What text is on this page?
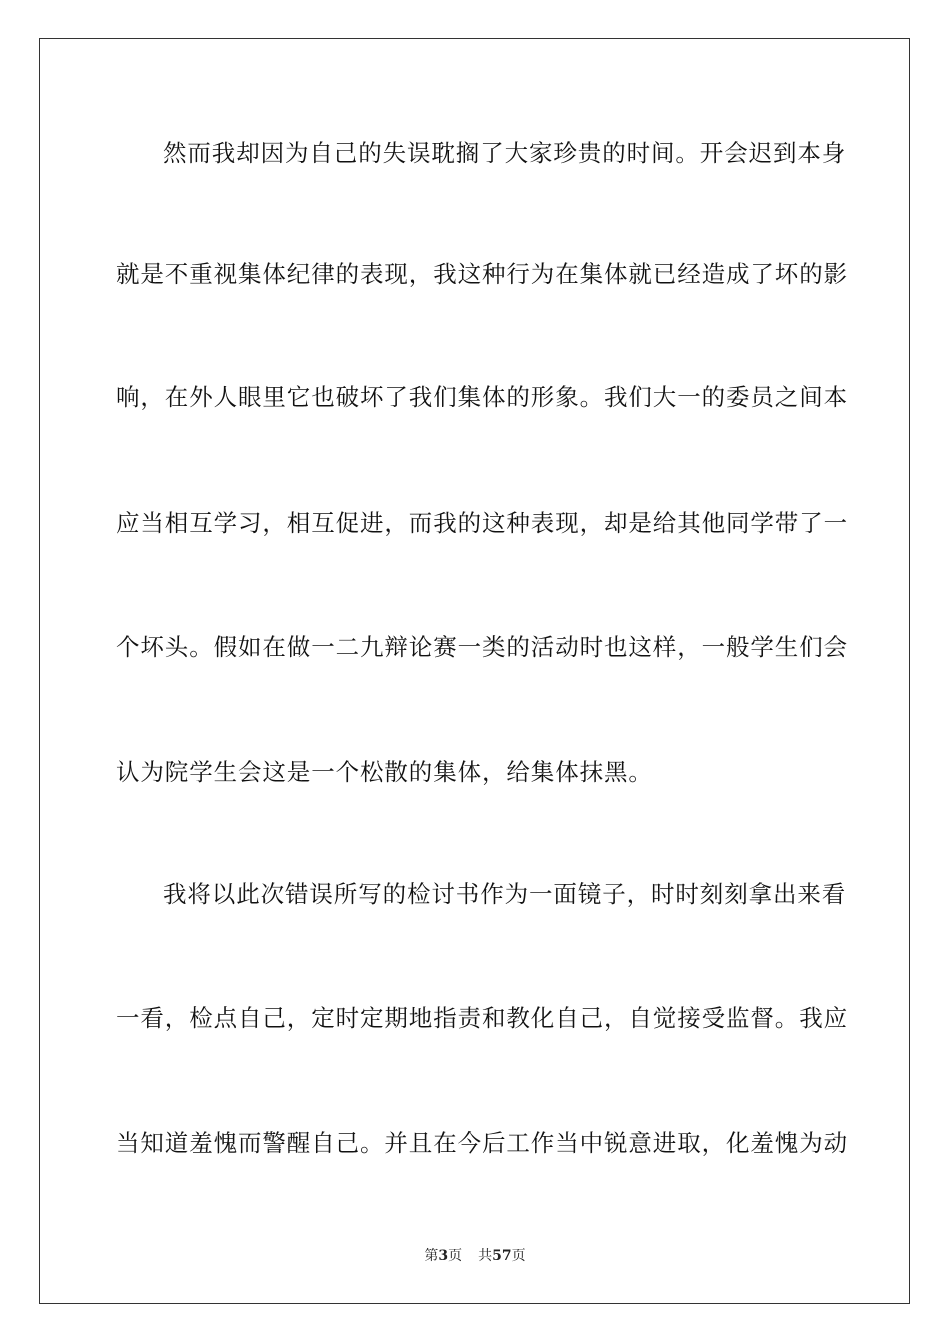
然而我却因为自己的失误耽搁了大家珍贵的时间。开会迟到本身
就是不重视集体纪律的表现，我这种行为在集体就已经造成了坏的影
响，在外人眼里它也破坏了我们集体的形象。我们大一的委员之间本
应当相互学习，相互促进，而我的这种表现，却是给其他同学带了一
个坏头。假如在做一二九辩论赛一类的活动时也这样，一般学生们会
认为院学生会这是一个松散的集体，给集体抹黑。
我将以此次错误所写的检讨书作为一面镜子，时时刻刻拿出来看
一看，检点自己，定时定期地指责和教化自己，自觉接受监督。我应
当知道羞愧而警醒自己。并且在今后工作当中锐意进取，化羞愧为动
第3页 共57页
